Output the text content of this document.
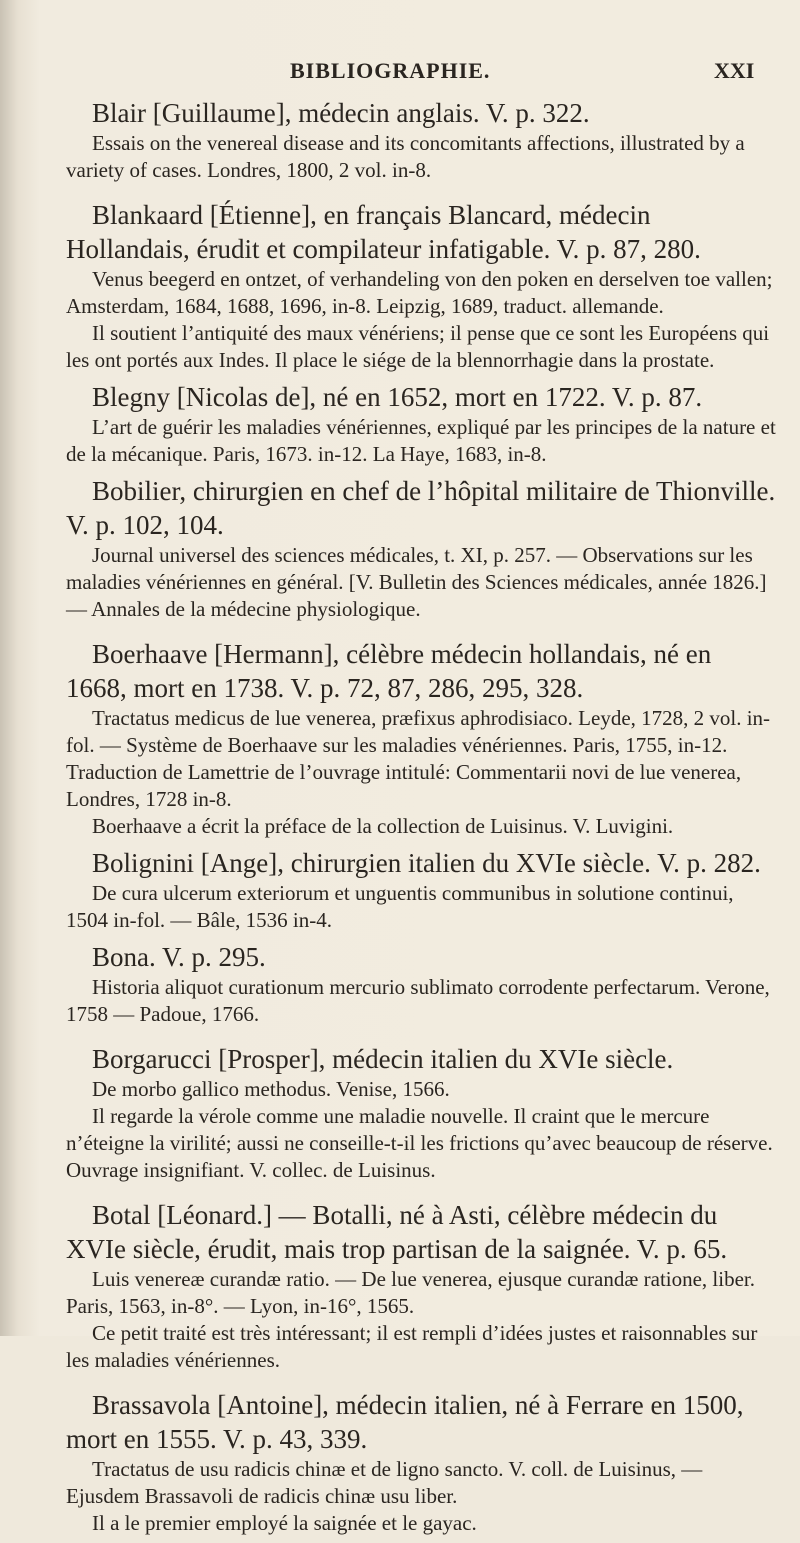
BIBLIOGRAPHIE.	XXI

Blair [Guillaume], médecin anglais. V. p. 322.

Essais on the venereal disease and its concomitants affections, illustrated by a variety of cases. Londres, 1800, 2 vol. in-8.

Blankaard [Étienne], en français Blancard, médecin Hollandais, érudit et compilateur infatigable. V. p. 87, 280.

Venus beegerd en ontzet, of verhandeling von den poken en derselven toe vallen; Amsterdam, 1684, 1688, 1696, in-8. Leipzig, 1689, traduct. allemande.

Il soutient l’antiquité des maux vénériens; il pense que ce sont les Européens qui les ont portés aux Indes. Il place le siége de la blennorrhagie dans la prostate.

Blegny [Nicolas de], né en 1652, mort en 1722. V. p. 87.

L’art de guérir les maladies vénériennes, expliqué par les principes de la nature et de la mécanique. Paris, 1673. in-12. La Haye, 1683, in-8.

Bobilier, chirurgien en chef de l’hôpital militaire de Thionville. V. p. 102, 104.

Journal universel des sciences médicales, t. XI, p. 257. — Observations sur les maladies vénériennes en général. [V. Bulletin des Sciences médicales, année 1826.] — Annales de la médecine physiologique.

Boerhaave [Hermann], célèbre médecin hollandais, né en 1668, mort en 1738. V. p. 72, 87, 286, 295, 328.

Tractatus medicus de lue venerea, præfixus aphrodisiaco. Leyde, 1728, 2 vol. in-fol. — Système de Boerhaave sur les maladies vénériennes. Paris, 1755, in-12. Traduction de Lamettrie de l’ouvrage intitulé: Commentarii novi de lue venerea, Londres, 1728 in-8.

Boerhaave a écrit la préface de la collection de Luisinus. V. Luvigini.

Bolignini [Ange], chirurgien italien du XVIe siècle. V. p. 282.

De cura ulcerum exteriorum et unguentis communibus in solutione continui, 1504 in-fol. — Bâle, 1536 in-4.

Bona. V. p. 295.

Historia aliquot curationum mercurio sublimato corrodente perfectarum. Verone, 1758 — Padoue, 1766.

Borgarucci [Prosper], médecin italien du XVIe siècle.

De morbo gallico methodus. Venise, 1566.

Il regarde la vérole comme une maladie nouvelle. Il craint que le mercure n’éteigne la virilité; aussi ne conseille-t-il les frictions qu’avec beaucoup de réserve. Ouvrage insignifiant. V. collec. de Luisinus.

Botal [Léonard.] — Botalli, né à Asti, célèbre médecin du XVIe siècle, érudit, mais trop partisan de la saignée. V. p. 65.

Luis venereæ curandæ ratio. — De lue venerea, ejusque curandæ ratione, liber. Paris, 1563, in-8°. — Lyon, in-16°, 1565.

Ce petit traité est très intéressant; il est rempli d’idées justes et raisonnables sur les maladies vénériennes.

Brassavola [Antoine], médecin italien, né à Ferrare en 1500, mort en 1555. V. p. 43, 339.

Tractatus de usu radicis chinæ et de ligno sancto. V. coll. de Luisinus, — Ejusdem Brassavoli de radicis chinæ usu liber.

Il a le premier employé la saignée et le gayac.
